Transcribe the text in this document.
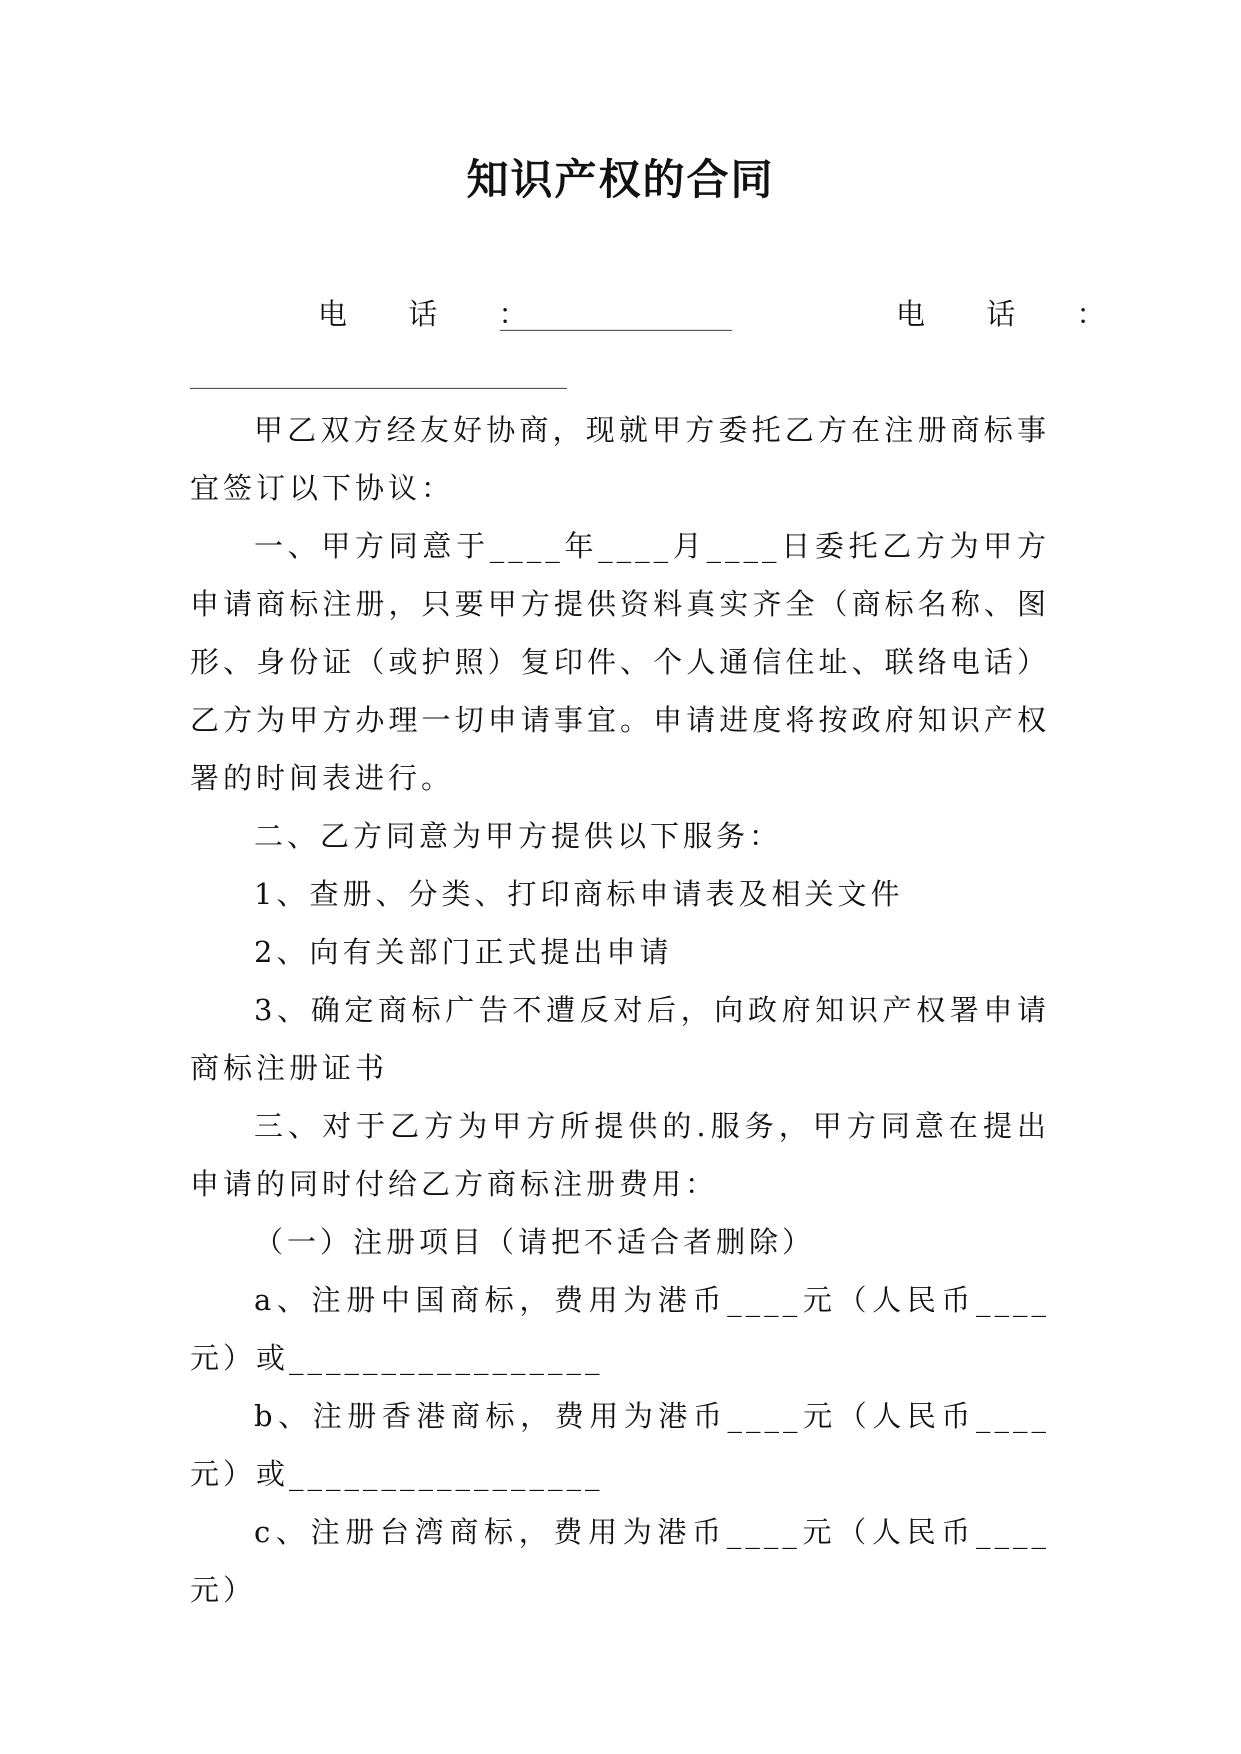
知识产权的合同
电 话 ：
________________	电 话 ：
__________________________

甲乙双方经友好协商，现就甲方委托乙方在注册商标事宜签订以下协议：

一、甲方同意于____年____月____日委托乙方为甲方申请商标注册，只要甲方提供资料真实齐全（商标名称、图形、身份证（或护照）复印件、个人通信住址、联络电话）乙方为甲方办理一切申请事宜。申请进度将按政府知识产权署的时间表进行。

二、乙方同意为甲方提供以下服务：

1、查册、分类、打印商标申请表及相关文件

2、向有关部门正式提出申请

3、确定商标广告不遭反对后，向政府知识产权署申请商标注册证书

三、对于乙方为甲方所提供的.服务，甲方同意在提出申请的同时付给乙方商标注册费用：

（一）注册项目（请把不适合者删除）

a、注册中国商标，费用为港币____元（人民币____元）或_________________

b、注册香港商标，费用为港币____元（人民币____元）或_________________

c、注册台湾商标，费用为港币____元（人民币____元）
